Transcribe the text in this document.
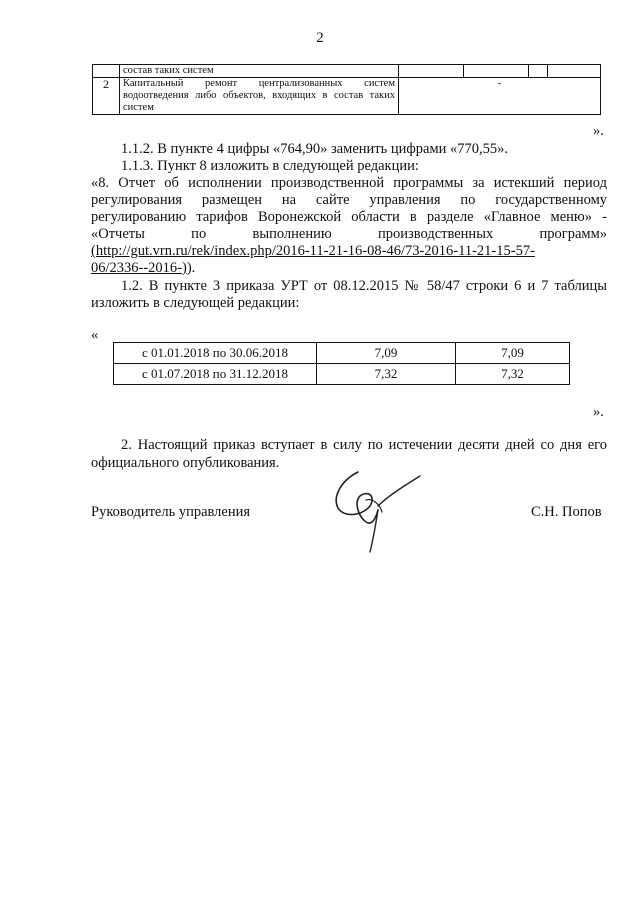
2
	состав таких систем				
2	Капитальный ремонт централизованных систем водоотведения либо объектов, входящих в состав таких систем	-			
».
1.1.2. В пункте 4 цифры «764,90» заменить цифрами «770,55».
1.1.3. Пункт 8 изложить в следующей редакции:
«8. Отчет об исполнении производственной программы за истекший период
регулирования размещен на сайте управления по государственному
регулированию тарифов Воронежской области в разделе «Главное меню» -
«Отчеты по выполнению производственных программ»
(http://gut.vrn.ru/rek/index.php/2016-11-21-16-08-46/73-2016-11-21-15-57-
06/2336--2016-)).
1.2. В пункте 3 приказа УРТ от 08.12.2015 № 58/47 строки 6 и 7 таблицы
изложить в следующей редакции:
«
с 01.01.2018 по 30.06.2018	7,09	7,09
с 01.07.2018 по 31.12.2018	7,32	7,32
».
2. Настоящий приказ вступает в силу по истечении десяти дней со дня его
официального опубликования.
Руководитель управления	С.Н. Попов
